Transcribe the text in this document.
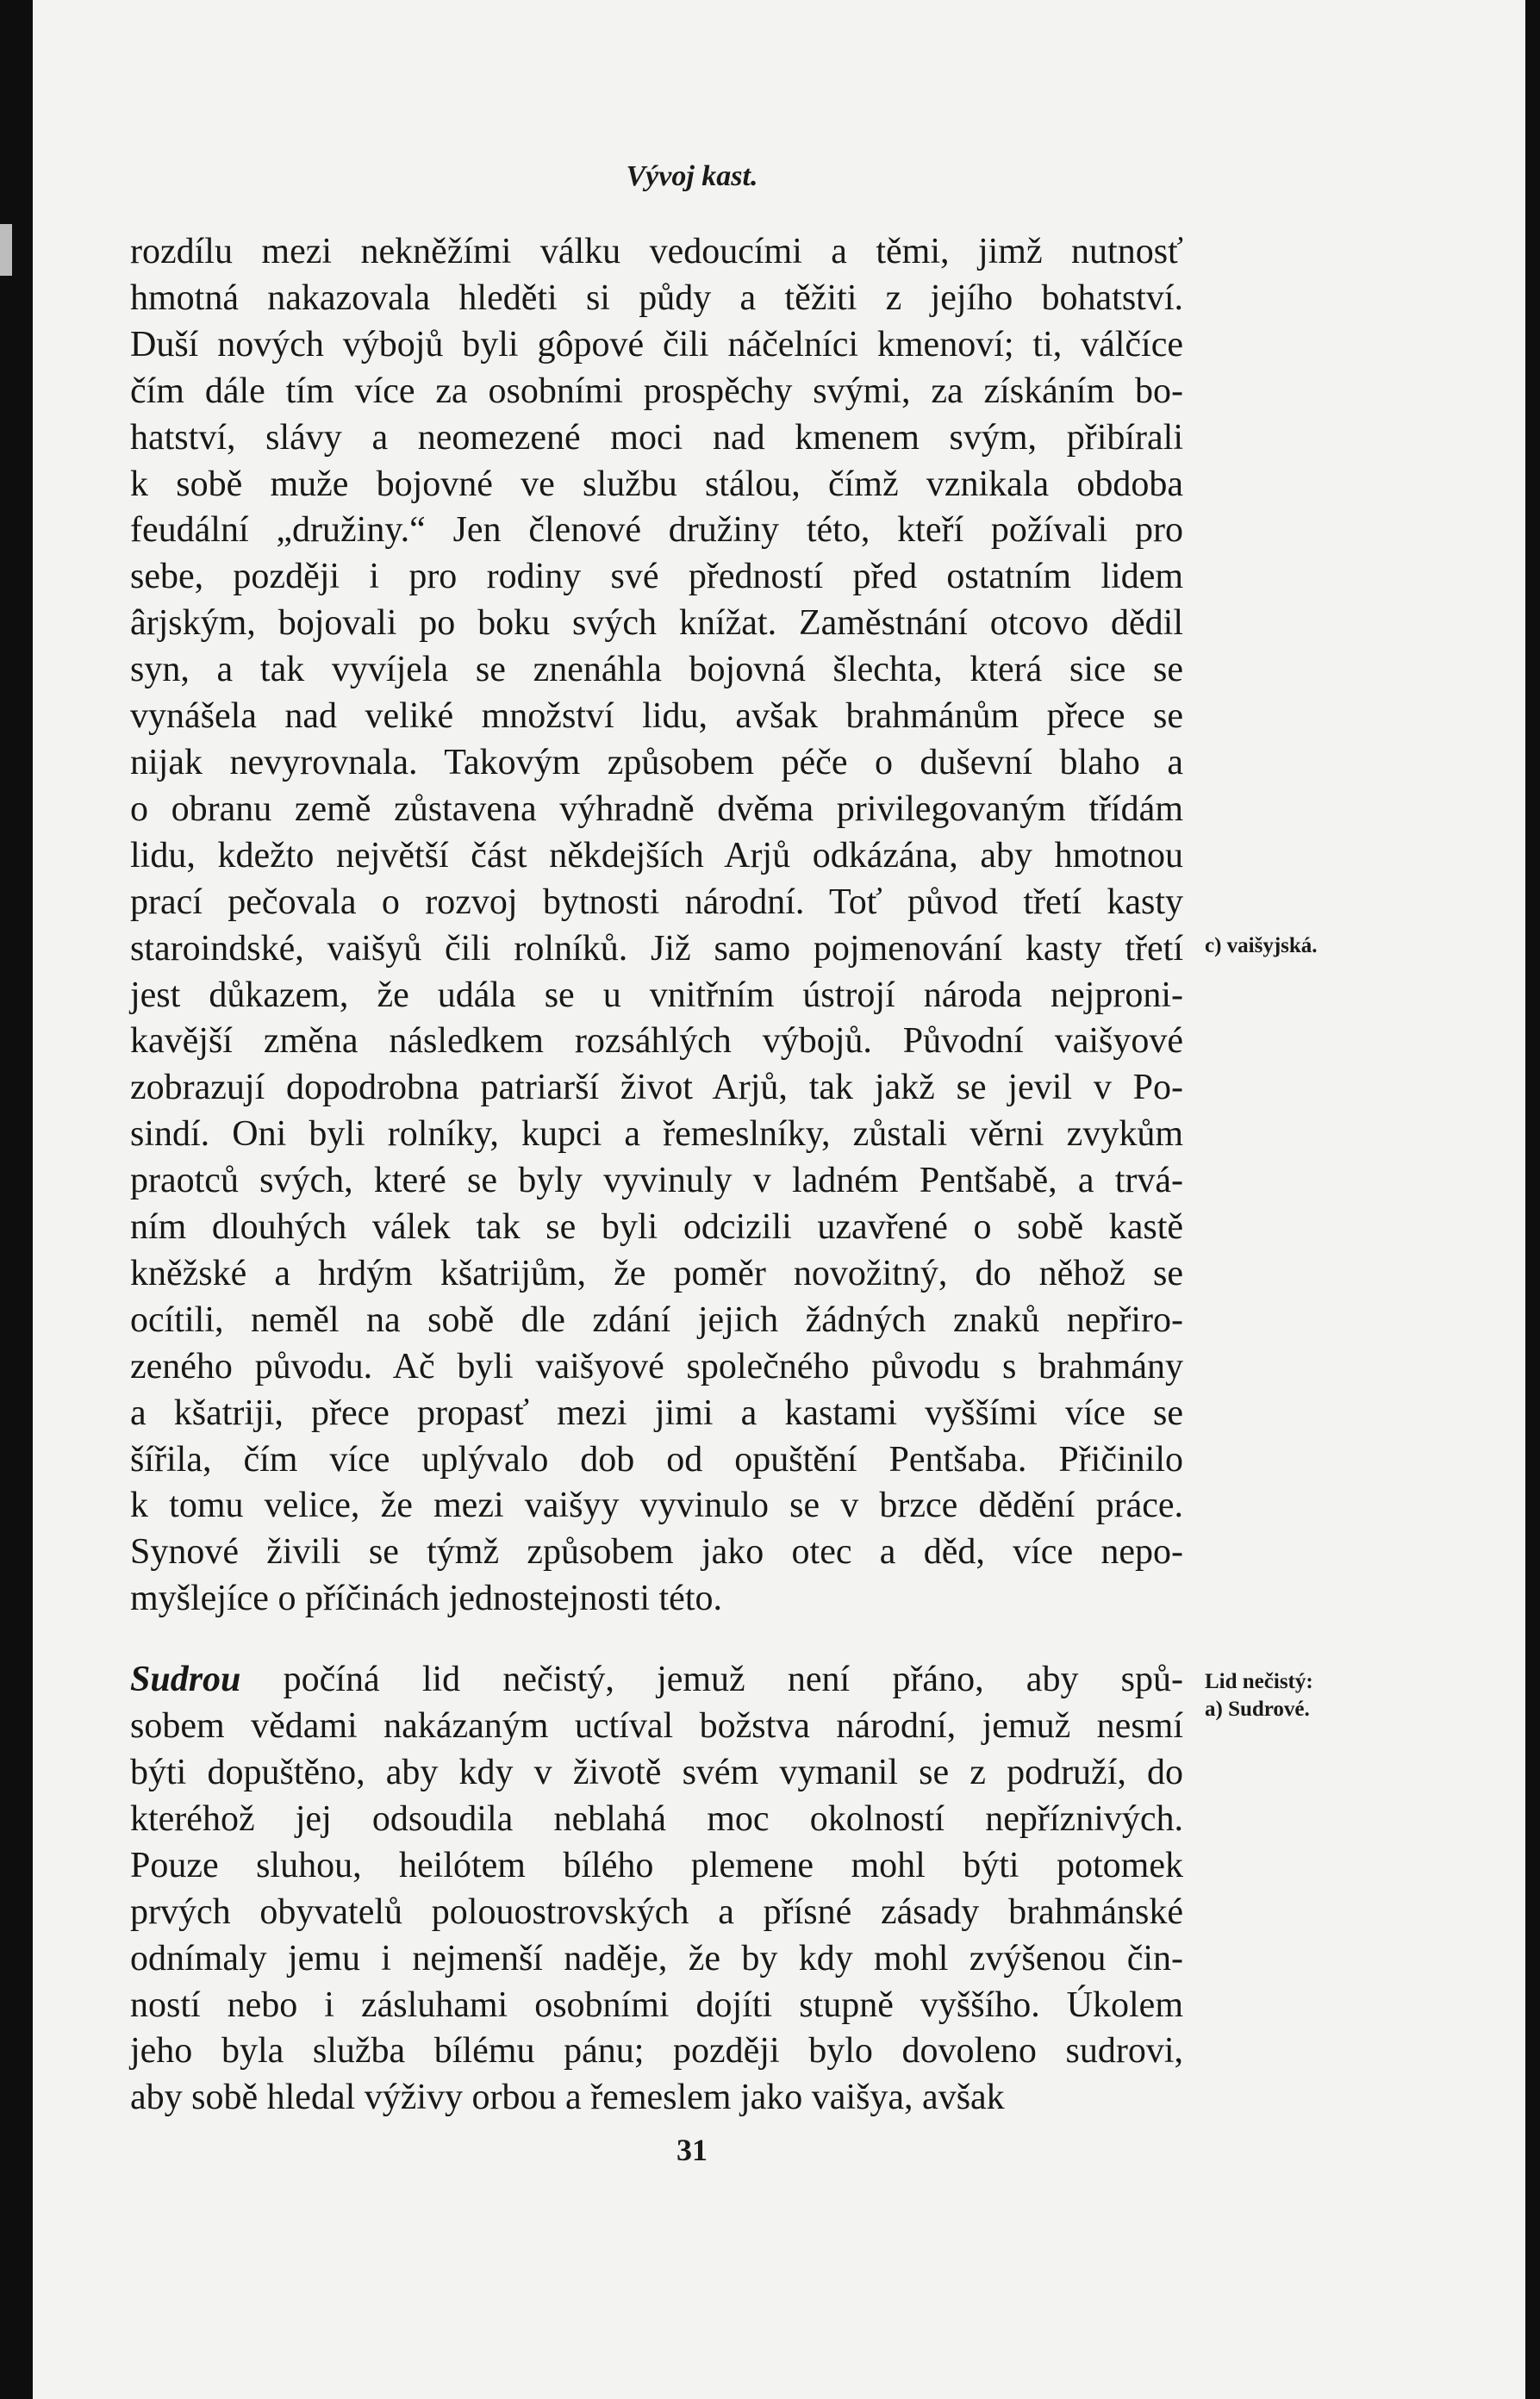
Vývoj kast.

rozdílu mezi nekněžími válku vedoucími a těmi, jimž nutnosť
hmotná nakazovala hleděti si půdy a těžiti z jejího bohatství.
Duší nových výbojů byli gôpové čili náčelníci kmenoví; ti, válčíce
čím dále tím více za osobními prospěchy svými, za získáním bo-
hatství, slávy a neomezené moci nad kmenem svým, přibírali
k sobě muže bojovné ve službu stálou, čímž vznikala obdoba
feudální „družiny.“ Jen členové družiny této, kteří požívali pro
sebe, později i pro rodiny své předností před ostatním lidem
ârjským, bojovali po boku svých knížat. Zaměstnání otcovo dědil
syn, a tak vyvíjela se znenáhla bojovná šlechta, která sice se
vynášela nad veliké množství lidu, avšak brahmánům přece se
nijak nevyrovnala. Takovým způsobem péče o duševní blaho a
o obranu země zůstavena výhradně dvěma privilegovaným třídám
lidu, kdežto největší část někdejších Arjů odkázána, aby hmotnou
prací pečovala o rozvoj bytnosti národní. Toť původ třetí kasty
staroindské, vaišyů čili rolníků. Již samo pojmenování kasty třetí
jest důkazem, že udála se u vnitřním ústrojí národa nejproni-
kavější změna následkem rozsáhlých výbojů. Původní vaišyové
zobrazují dopodrobna patriarší život Arjů, tak jakž se jevil v Po-
sindí. Oni byli rolníky, kupci a řemeslníky, zůstali věrni zvykům
praotců svých, které se byly vyvinuly v ladném Pentšabě, a trvá-
ním dlouhých válek tak se byli odcizili uzavřené o sobě kastě
kněžské a hrdým kšatrijům, že poměr novožitný, do něhož se
ocítili, neměl na sobě dle zdání jejich žádných znaků nepřiro-
zeného původu. Ač byli vaišyové společného původu s brahmány
a kšatriji, přece propasť mezi jimi a kastami vyššími více se
šířila, čím více uplývalo dob od opuštění Pentšaba. Přičinilo
k tomu velice, že mezi vaišyy vyvinulo se v brzce dědění práce.
Synové živili se týmž způsobem jako otec a děd, více nepo-
myšlejíce o příčinách jednostejnosti této.

Sudrou počíná lid nečistý, jemuž není přáno, aby spů-
sobem vědami nakázaným uctíval božstva národní, jemuž nesmí
býti dopuštěno, aby kdy v životě svém vymanil se z podruží, do
kteréhož jej odsoudila neblahá moc okolností nepříznivých.
Pouze sluhou, heilótem bílého plemene mohl býti potomek
prvých obyvatelů polouostrovských a přísné zásady brahmánské
odnímaly jemu i nejmenší naděje, že by kdy mohl zvýšenou čin-
ností nebo i zásluhami osobními dojíti stupně vyššího. Úkolem
jeho byla služba bílému pánu; později bylo dovoleno sudrovi,
aby sobě hledal výživy orbou a řemeslem jako vaišya, avšak

c) vaišyjská.
Lid nečistý:
a) Sudrové.
31
